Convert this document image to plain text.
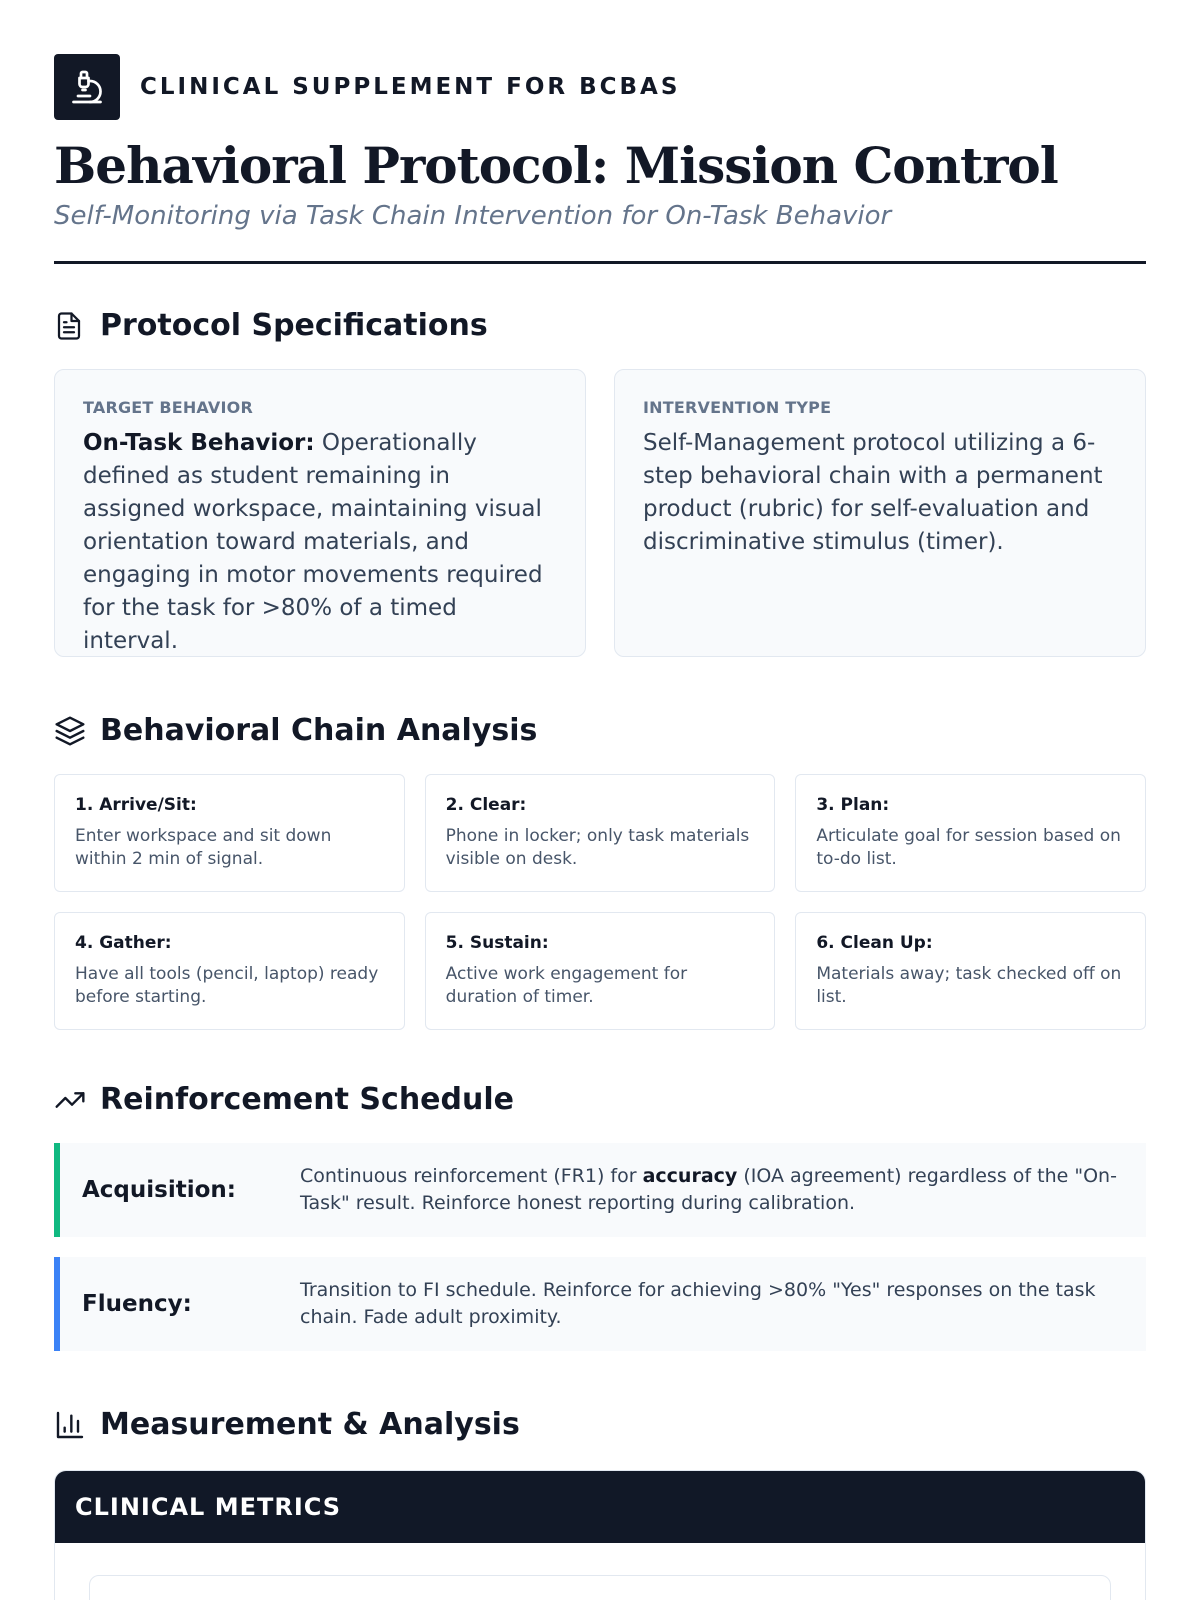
CLINICAL SUPPLEMENT FOR BCBAS
Behavioral Protocol: Mission Control
Self-Monitoring via Task Chain Intervention for On-Task Behavior
Protocol Specifications
TARGET BEHAVIOR
On-Task Behavior: Operationally defined as student remaining in assigned workspace, maintaining visual orientation toward materials, and engaging in motor movements required for the task for >80% of a timed interval.
INTERVENTION TYPE
Self-Management protocol utilizing a 6-step behavioral chain with a permanent product (rubric) for self-evaluation and discriminative stimulus (timer).
Behavioral Chain Analysis
1. Arrive/Sit:
Enter workspace and sit down within 2 min of signal.
2. Clear:
Phone in locker; only task materials visible on desk.
3. Plan:
Articulate goal for session based on to-do list.
4. Gather:
Have all tools (pencil, laptop) ready before starting.
5. Sustain:
Active work engagement for duration of timer.
6. Clean Up:
Materials away; task checked off on list.
Reinforcement Schedule
Acquisition:
Continuous reinforcement (FR1) for accuracy (IOA agreement) regardless of the "On-Task" result. Reinforce honest reporting during calibration.
Fluency:
Transition to FI schedule. Reinforce for achieving >80% "Yes" responses on the task chain. Fade adult proximity.
Measurement & Analysis
CLINICAL METRICS
